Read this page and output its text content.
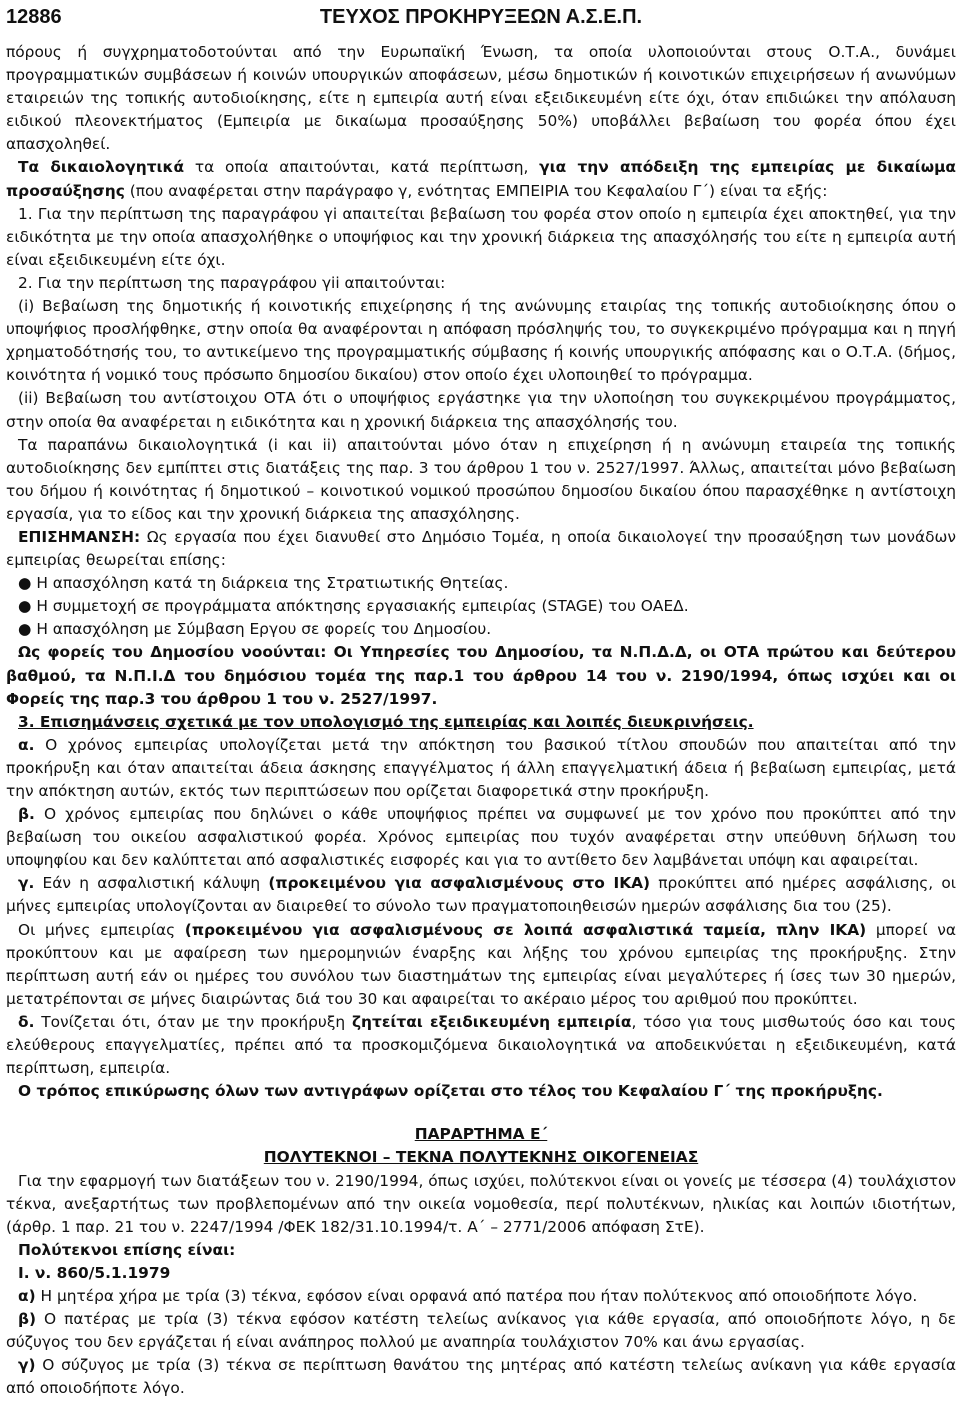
12886	ΤΕΥΧΟΣ ΠΡΟΚΗΡΥΞΕΩΝ Α.Σ.Ε.Π.

πόρους ή συγχρηματοδοτούνται από την Ευρωπαϊκή Ένωση, τα οποία υλοποιούνται στους Ο.Τ.Α., δυνάμει προγραμματικών συμβάσεων ή κοινών υπουργικών αποφάσεων, μέσω δημοτικών ή κοινοτικών επιχειρήσεων ή ανωνύμων εταιρειών της τοπικής αυτοδιοίκησης, είτε η εμπειρία αυτή είναι εξειδικευμένη είτε όχι, όταν επιδιώκει την απόλαυση ειδικού πλεονεκτήματος (Εμπειρία με δικαίωμα προσαύξησης 50%) υποβάλλει βεβαίωση του φορέα όπου έχει απασχοληθεί.

Τα δικαιολογητικά τα οποία απαιτούνται, κατά περίπτωση, για την απόδειξη της εμπειρίας με δικαίωμα προσαύξησης (που αναφέρεται στην παράγραφο γ, ενότητας ΕΜΠΕΙΡΙΑ του Κεφαλαίου Γ΄) είναι τα εξής:

1. Για την περίπτωση της παραγράφου γi απαιτείται βεβαίωση του φορέα στον οποίο η εμπειρία έχει αποκτηθεί, για την ειδικότητα με την οποία απασχολήθηκε ο υποψήφιος και την χρονική διάρκεια της απασχόλησής του είτε η εμπειρία αυτή είναι εξειδικευμένη είτε όχι.

2. Για την περίπτωση της παραγράφου γii απαιτούνται:

(i) Βεβαίωση της δημοτικής ή κοινοτικής επιχείρησης ή της ανώνυμης εταιρίας της τοπικής αυτοδιοίκησης όπου ο υποψήφιος προσλήφθηκε, στην οποία θα αναφέρονται η απόφαση πρόσληψής του, το συγκεκριμένο πρόγραμμα και η πηγή χρηματοδότησής του, το αντικείμενο της προγραμματικής σύμβασης ή κοινής υπουργικής απόφασης και ο Ο.Τ.Α. (δήμος, κοινότητα ή νομικό τους πρόσωπο δημοσίου δικαίου) στον οποίο έχει υλοποιηθεί το πρόγραμμα.

(ii) Βεβαίωση του αντίστοιχου ΟΤΑ ότι ο υποψήφιος εργάστηκε για την υλοποίηση του συγκεκριμένου προγράμματος, στην οποία θα αναφέρεται η ειδικότητα και η χρονική διάρκεια της απασχόλησής του.

Τα παραπάνω δικαιολογητικά (i και ii) απαιτούνται μόνο όταν η επιχείρηση ή η ανώνυμη εταιρεία της τοπικής αυτοδιοίκησης δεν εμπίπτει στις διατάξεις της παρ. 3 του άρθρου 1 του ν. 2527/1997. Άλλως, απαιτείται μόνο βεβαίωση του δήμου ή κοινότητας ή δημοτικού – κοινοτικού νομικού προσώπου δημοσίου δικαίου όπου παρασχέθηκε η αντίστοιχη εργασία, για το είδος και την χρονική διάρκεια της απασχόλησης.

ΕΠΙΣΗΜΑΝΣΗ: Ως εργασία που έχει διανυθεί στο Δημόσιο Τομέα, η οποία δικαιολογεί την προσαύξηση των μονάδων εμπειρίας θεωρείται επίσης:

● Η απασχόληση κατά τη διάρκεια της Στρατιωτικής Θητείας.

● Η συμμετοχή σε προγράμματα απόκτησης εργασιακής εμπειρίας (STAGE) του ΟΑΕΔ.

● Η απασχόληση με Σύμβαση Εργου σε φορείς του Δημοσίου.

Ως φορείς του Δημοσίου νοούνται: Οι Υπηρεσίες του Δημοσίου, τα Ν.Π.Δ.Δ, οι ΟΤΑ πρώτου και δεύτερου βαθμού, τα Ν.Π.Ι.Δ του δημόσιου τομέα της παρ.1 του άρθρου 14 του ν. 2190/1994, όπως ισχύει και οι Φορείς της παρ.3 του άρθρου 1 του ν. 2527/1997.

3. Επισημάνσεις σχετικά με τον υπολογισμό της εμπειρίας και λοιπές διευκρινήσεις.

α. Ο χρόνος εμπειρίας υπολογίζεται μετά την απόκτηση του βασικού τίτλου σπουδών που απαιτείται από την προκήρυξη και όταν απαιτείται άδεια άσκησης επαγγέλματος ή άλλη επαγγελματική άδεια ή βεβαίωση εμπειρίας, μετά την απόκτηση αυτών, εκτός των περιπτώσεων που ορίζεται διαφορετικά στην προκήρυξη.

β. Ο χρόνος εμπειρίας που δηλώνει ο κάθε υποψήφιος πρέπει να συμφωνεί με τον χρόνο που προκύπτει από την βεβαίωση του οικείου ασφαλιστικού φορέα. Χρόνος εμπειρίας που τυχόν αναφέρεται στην υπεύθυνη δήλωση του υποψηφίου και δεν καλύπτεται από ασφαλιστικές εισφορές και για το αντίθετο δεν λαμβάνεται υπόψη και αφαιρείται.

γ. Εάν η ασφαλιστική κάλυψη (προκειμένου για ασφαλισμένους στο ΙΚΑ) προκύπτει από ημέρες ασφάλισης, οι μήνες εμπειρίας υπολογίζονται αν διαιρεθεί το σύνολο των πραγματοποιηθεισών ημερών ασφάλισης δια του (25).

Οι μήνες εμπειρίας (προκειμένου για ασφαλισμένους σε λοιπά ασφαλιστικά ταμεία, πλην ΙΚΑ) μπορεί να προκύπτουν και με αφαίρεση των ημερομηνιών έναρξης και λήξης του χρόνου εμπειρίας της προκήρυξης. Στην περίπτωση αυτή εάν οι ημέρες του συνόλου των διαστημάτων της εμπειρίας είναι μεγαλύτερες ή ίσες των 30 ημερών, μετατρέπονται σε μήνες διαιρώντας διά του 30 και αφαιρείται το ακέραιο μέρος του αριθμού που προκύπτει.

δ. Τονίζεται ότι, όταν με την προκήρυξη ζητείται εξειδικευμένη εμπειρία, τόσο για τους μισθωτούς όσο και τους ελεύθερους επαγγελματίες, πρέπει από τα προσκομιζόμενα δικαιολογητικά να αποδεικνύεται η εξειδικευμένη, κατά περίπτωση, εμπειρία.

Ο τρόπος επικύρωσης όλων των αντιγράφων ορίζεται στο τέλος του Κεφαλαίου Γ΄ της προκήρυξης.

ΠΑΡΑΡΤΗΜΑ Ε΄

ΠΟΛΥΤΕΚΝΟΙ – ΤΕΚΝΑ ΠΟΛΥΤΕΚΝΗΣ ΟΙΚΟΓΕΝΕΙΑΣ

Για την εφαρμογή των διατάξεων του ν. 2190/1994, όπως ισχύει, πολύτεκνοι είναι οι γονείς με τέσσερα (4) τουλάχιστον τέκνα, ανεξαρτήτως των προβλεπομένων από την οικεία νομοθεσία, περί πολυτέκνων, ηλικίας και λοιπών ιδιοτήτων, (άρθρ. 1 παρ. 21 του ν. 2247/1994 /ΦΕΚ 182/31.10.1994/τ. Α΄ – 2771/2006 απόφαση ΣτΕ).

Πολύτεκνοι επίσης είναι:

Ι. ν. 860/5.1.1979

α) Η μητέρα χήρα με τρία (3) τέκνα, εφόσον είναι ορφανά από πατέρα που ήταν πολύτεκνος από οποιοδήποτε λόγο.

β) Ο πατέρας με τρία (3) τέκνα εφόσον κατέστη τελείως ανίκανος για κάθε εργασία, από οποιοδήποτε λόγο, η δε σύζυγος του δεν εργάζεται ή είναι ανάπηρος πολλού με αναπηρία τουλάχιστον 70% και άνω εργασίας.

γ) Ο σύζυγος με τρία (3) τέκνα σε περίπτωση θανάτου της μητέρας από κατέστη τελείως ανίκανη για κάθε εργασία από οποιοδήποτε λόγο.
